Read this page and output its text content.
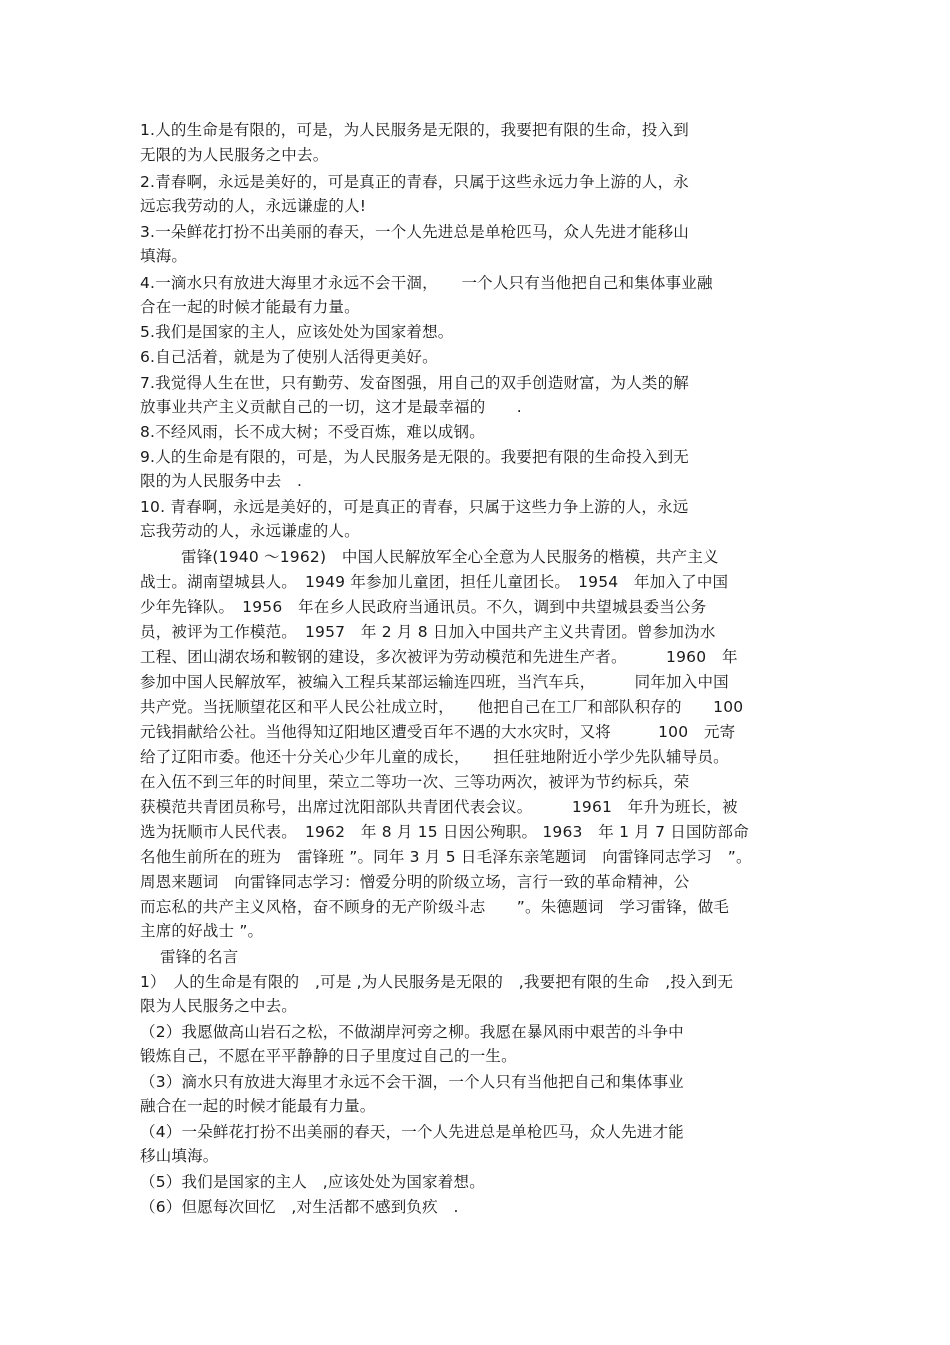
1.人的生命是有限的，可是，为人民服务是无限的，我要把有限的生命，投入到
无限的为人民服务之中去。
2.青春啊，永远是美好的，可是真正的青春，只属于这些永远力争上游的人，永
远忘我劳动的人，永远谦虚的人!
3.一朵鲜花打扮不出美丽的春天，一个人先进总是单枪匹马，众人先进才能移山
填海。
4.一滴水只有放进大海里才永远不会干涸，　　一个人只有当他把自己和集体事业融
合在一起的时候才能最有力量。
5.我们是国家的主人，应该处处为国家着想。
6.自己活着，就是为了使别人活得更美好。
7.我觉得人生在世，只有勤劳、发奋图强，用自己的双手创造财富，为人类的解
放事业共产主义贡献自己的一切，这才是最幸福的　　.
8.不经风雨，长不成大树；不受百炼，难以成钢。
9.人的生命是有限的，可是，为人民服务是无限的。我要把有限的生命投入到无
限的为人民服务中去　.
10. 青春啊，永远是美好的，可是真正的青春，只属于这些力争上游的人，永远
忘我劳动的人，永远谦虚的人。
雷锋(1940 ～1962)　中国人民解放军全心全意为人民服务的楷模，共产主义
战士。湖南望城县人。　1949 年参加儿童团，担任儿童团长。　1954　年加入了中国
少年先锋队。　1956　年在乡人民政府当通讯员。不久，调到中共望城县委当公务
员，被评为工作模范。　1957　年 2 月 8 日加入中国共产主义共青团。曾参加沩水
工程、团山湖农场和鞍钢的建设，多次被评为劳动模范和先进生产者。　　　1960　年
参加中国人民解放军，被编入工程兵某部运输连四班，当汽车兵，　　　同年加入中国
共产党。当抚顺望花区和平人民公社成立时，　　他把自己在工厂和部队积存的　　100
元钱捐献给公社。当他得知辽阳地区遭受百年不遇的大水灾时，又将　　　100　元寄
给了辽阳市委。他还十分关心少年儿童的成长，　　担任驻地附近小学少先队辅导员。
在入伍不到三年的时间里，荣立二等功一次、三等功两次，被评为节约标兵，荣
获模范共青团员称号，出席过沈阳部队共青团代表会议。　　　1961　年升为班长，被
选为抚顺市人民代表。　1962　年 8 月 15 日因公殉职。 1963　年 1 月 7 日国防部命
名他生前所在的班为　雷锋班 ”。同年 3 月 5 日毛泽东亲笔题词　向雷锋同志学习　”。
周恩来题词　向雷锋同志学习：憎爱分明的阶级立场，言行一致的革命精神，公
而忘私的共产主义风格，奋不顾身的无产阶级斗志　　”。朱德题词　学习雷锋，做毛
主席的好战士 ”。
雷锋的名言
1）　人的生命是有限的　,可是 ,为人民服务是无限的　,我要把有限的生命　,投入到无
限为人民服务之中去。
（2）我愿做高山岩石之松，不做湖岸河旁之柳。我愿在暴风雨中艰苦的斗争中
锻炼自己，不愿在平平静静的日子里度过自己的一生。
（3）滴水只有放进大海里才永远不会干涸，一个人只有当他把自己和集体事业
融合在一起的时候才能最有力量。
（4）一朵鲜花打扮不出美丽的春天，一个人先进总是单枪匹马，众人先进才能
移山填海。
（5）我们是国家的主人　,应该处处为国家着想。
（6）但愿每次回忆　,对生活都不感到负疚　.
